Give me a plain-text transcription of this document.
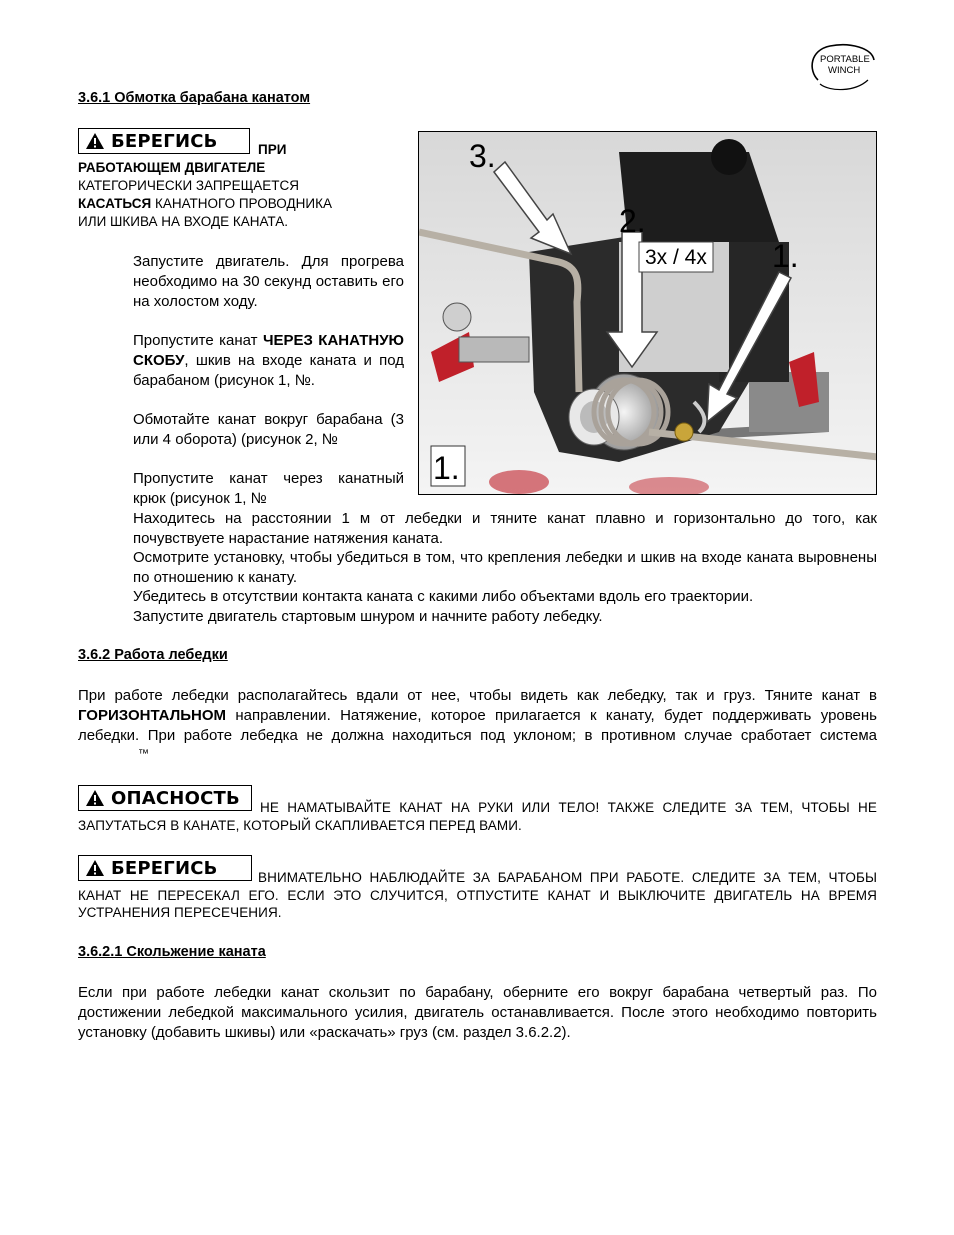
PORTABLE
WINCH
3.6.1 Обмотка барабана канатом
БЕРЕГИСЬ	ПРИ
РАБОТАЮЩЕМ ДВИГАТЕЛЕ
КАТЕГОРИЧЕСКИ ЗАПРЕЩАЕТСЯ
КАСАТЬСЯ КАНАТНОГО ПРОВОДНИКА
ИЛИ ШКИВА НА ВХОДЕ КАНАТА.
Запустите двигатель. Для прогрева необходимо на 30 секунд оставить его на холостом ходу.
Пропустите канат ЧЕРЕЗ КАНАТНУЮ СКОБУ, шкив на входе каната и под барабаном (рисунок 1, №.
Обмотайте канат вокруг барабана (3 или 4 оборота) (рисунок 2, №
Пропустите канат через канатный крюк (рисунок 1, №
Находитесь на расстоянии 1 м от лебедки и тяните канат плавно и горизонтально до того, как почувствуете нарастание натяжения каната.
Осмотрите установку, чтобы убедиться в том, что крепления лебедки и шкив на входе каната выровнены по отношению к канату.
Убедитесь в отсутствии контакта каната с какими либо объектами вдоль его траектории.
Запустите двигатель стартовым шнуром и начните работу лебедку.
3x / 4x
1.
3.
2.
1.
3.6.2 Работа лебедки
При работе лебедки располагайтесь вдали от нее, чтобы видеть как лебедку, так и груз. Тяните канат в ГОРИЗОНТАЛЬНОМ направлении. Натяжение, которое прилагается к канату, будет поддерживать уровень лебедки. При работе лебедка не должна находиться под уклоном; в противном случае сработает система™
ОПАСНОСТЬ	НЕ НАМАТЫВАЙТЕ КАНАТ НА РУКИ ИЛИ ТЕЛО! ТАКЖЕ СЛЕДИТЕ ЗА ТЕМ, ЧТОБЫ НЕ ЗАПУТАТЬСЯ В КАНАТЕ, КОТОРЫЙ СКАПЛИВАЕТСЯ ПЕРЕД ВАМИ.
БЕРЕГИСЬ	ВНИМАТЕЛЬНО НАБЛЮДАЙТЕ ЗА БАРАБАНОМ ПРИ РАБОТЕ. СЛЕДИТЕ ЗА ТЕМ, ЧТОБЫ КАНАТ НЕ ПЕРЕСЕКАЛ ЕГО. ЕСЛИ ЭТО СЛУЧИТСЯ, ОТПУСТИТЕ КАНАТ И ВЫКЛЮЧИТЕ ДВИГАТЕЛЬ НА ВРЕМЯ УСТРАНЕНИЯ ПЕРЕСЕЧЕНИЯ.
3.6.2.1 Скольжение каната
Если при работе лебедки канат скользит по барабану, оберните его вокруг барабана четвертый раз. По достижении лебедкой максимального усилия, двигатель останавливается. После этого необходимо повторить установку (добавить шкивы) или «раскачать» груз (см. раздел 3.6.2.2).
